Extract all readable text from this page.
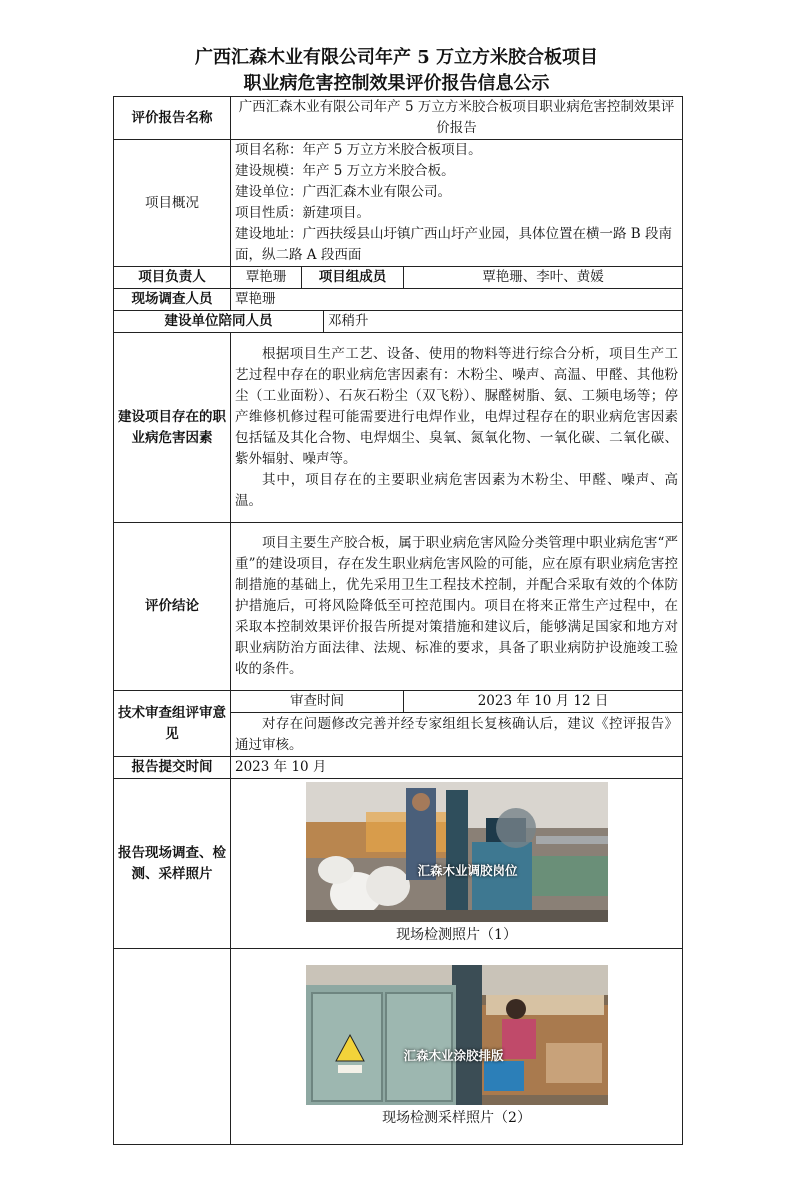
广西汇森木业有限公司年产 5 万立方米胶合板项目
职业病危害控制效果评价报告信息公示
评价报告名称	广西汇森木业有限公司年产 5 万立方米胶合板项目职业病危害控制效果评价报告			
项目概况	项目名称：年产 5 万立方米胶合板项目。
建设规模：年产 5 万立方米胶合板。
建设单位：广西汇森木业有限公司。
项目性质：新建项目。
建设地址：广西扶绥县山圩镇广西山圩产业园，具体位置在横一路 B 段南面，纵二路 A 段西面			

项目负责人	覃艳珊	项目组成员		覃艳珊、李叶、黄媛
现场调查人员	覃艳珊			
建设单位陪同人员			邓稍升	
建设项目存在的职业病危害因素	根据项目生产工艺、设备、使用的物料等进行综合分析，项目生产工艺过程中存在的职业病危害因素有：木粉尘、噪声、高温、甲醛、其他粉尘（工业面粉）、石灰石粉尘（双飞粉）、脲醛树脂、氨、工频电场等；停产维修机修过程可能需要进行电焊作业，电焊过程存在的职业病危害因素包括锰及其化合物、电焊烟尘、臭氧、氮氧化物、一氧化碳、二氧化碳、紫外辐射、噪声等。
其中，项目存在的主要职业病危害因素为木粉尘、甲醛、噪声、高温。			

评价结论	项目主要生产胶合板，属于职业病危害风险分类管理中职业病危害“严重”的建设项目，存在发生职业病危害风险的可能，应在原有职业病危害控制措施的基础上，优先采用卫生工程技术控制，并配合采取有效的个体防护措施后，可将风险降低至可控范围内。项目在将来正常生产过程中，在采取本控制效果评价报告所提对策措施和建议后，能够满足国家和地方对职业病防治方面法律、法规、标准的要求，具备了职业病防护设施竣工验收的条件。			
技术审查组评审意见	审查时间			2023 年 10 月 12 日
	对存在问题修改完善并经专家组组长复核确认后，建议《控评报告》通过审核。			
报告提交时间	2023 年 10 月			
报告现场调查、检测、采样照片	汇森木业调胶岗位
现场检测照片（1）			

	汇森木业涂胶排版
现场检测采样照片（2）			
